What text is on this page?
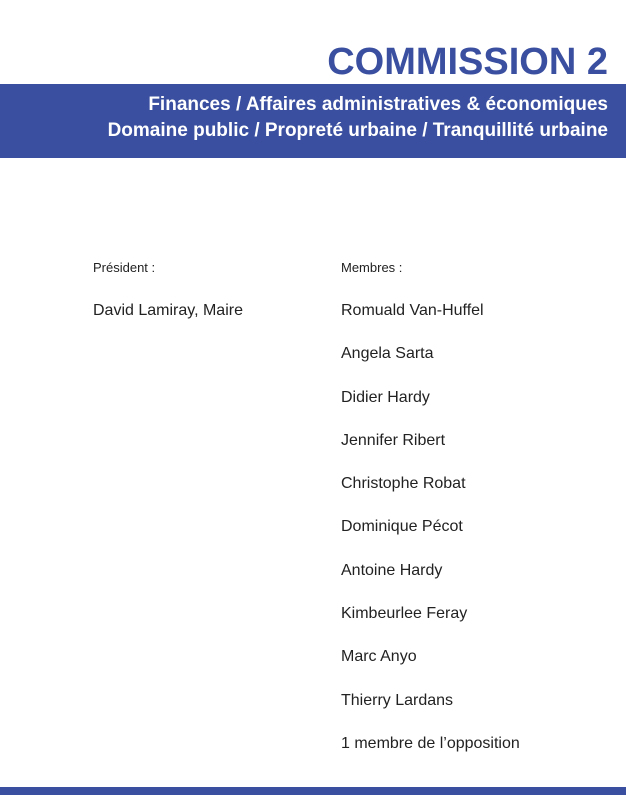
COMMISSION 2

Finances / Affaires administratives & économiques

Domaine public / Propreté urbaine / Tranquillité urbaine

Président :

David Lamiray, Maire

Membres :

Romuald Van-Huffel

Angela Sarta

Didier Hardy

Jennifer Ribert

Christophe Robat

Dominique Pécot

Antoine Hardy

Kimbeurlee Feray

Marc Anyo

Thierry Lardans

1 membre de l’opposition
